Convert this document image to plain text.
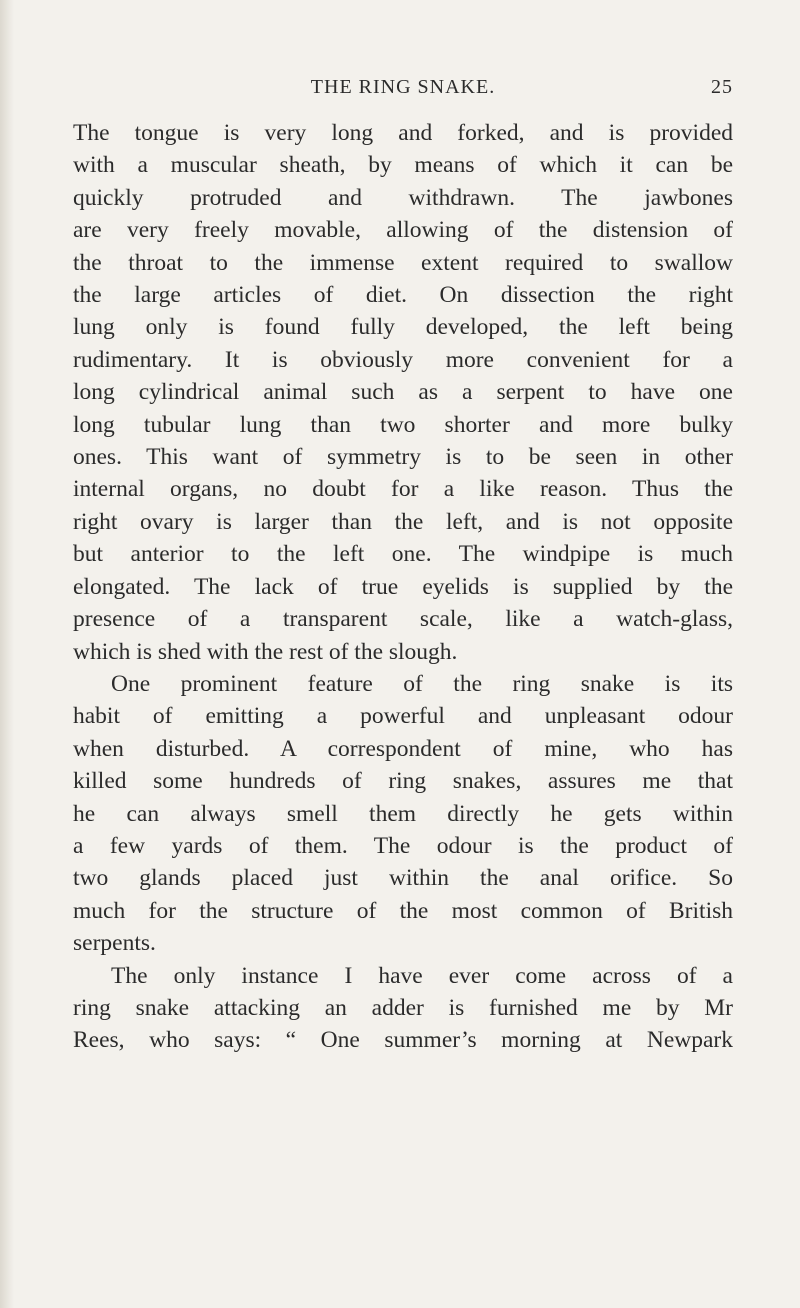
THE RING SNAKE.	25
The tongue is very long and forked, and is provided
with a muscular sheath, by means of which it can be
quickly protruded and withdrawn. The jawbones
are very freely movable, allowing of the distension of
the throat to the immense extent required to swallow
the large articles of diet. On dissection the right
lung only is found fully developed, the left being
rudimentary. It is obviously more convenient for a
long cylindrical animal such as a serpent to have one
long tubular lung than two shorter and more bulky
ones. This want of symmetry is to be seen in other
internal organs, no doubt for a like reason. Thus the
right ovary is larger than the left, and is not opposite
but anterior to the left one. The windpipe is much
elongated. The lack of true eyelids is supplied by the
presence of a transparent scale, like a watch-glass,
which is shed with the rest of the slough.
One prominent feature of the ring snake is its
habit of emitting a powerful and unpleasant odour
when disturbed. A correspondent of mine, who has
killed some hundreds of ring snakes, assures me that
he can always smell them directly he gets within
a few yards of them. The odour is the product of
two glands placed just within the anal orifice. So
much for the structure of the most common of British
serpents.
The only instance I have ever come across of a
ring snake attacking an adder is furnished me by Mr
Rees, who says: “ One summer’s morning at Newpark
